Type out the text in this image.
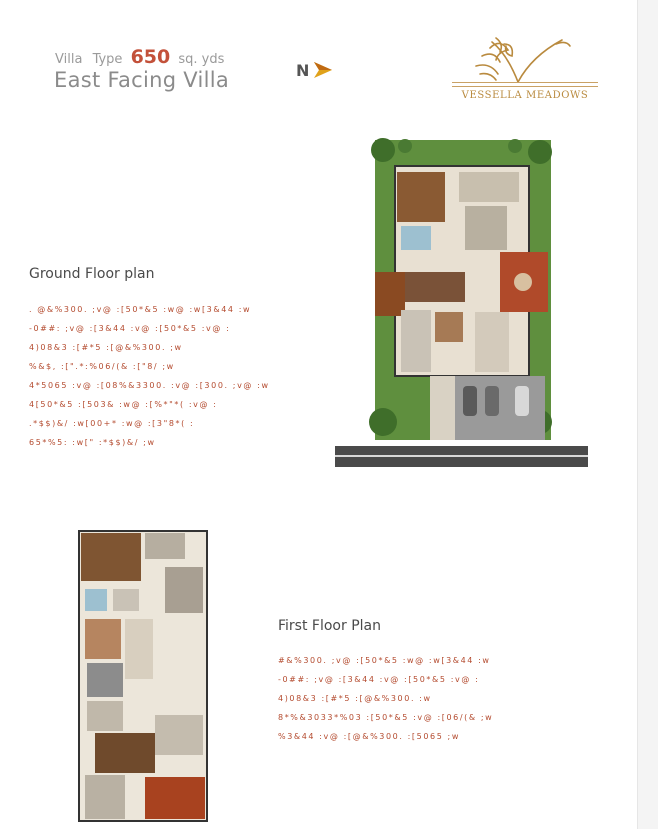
Villa Type 650 sq. yds
East Facing Villa	N
VESSELLA MEADOWS
Ground Floor plan
. @&%300. ;v@ :[50*&5 :w@ :w[3&44 :w
-0##: ;v@ :[3&44 :v@ :[50*&5 :v@ :
4)08&3 :[#*5 :[@&%300. ;w
%&$, :[".*:%06/(& :["8/ ;w
4*5065 :v@ :[08%&3300. :v@ :[300. ;v@ :w
4[50*&5 :[503& :w@ :[%*"*( :v@ :
.*$$)&/ :w[00+* :w@ :[3"8*( :
65*%5: :w[" :*$$)&/ ;w
First Floor Plan
#&%300. ;v@ :[50*&5 :w@ :w[3&44 :w
-0##: ;v@ :[3&44 :v@ :[50*&5 :v@ :
4)08&3 :[#*5 :[@&%300. :w
8*%&3033*%03 :[50*&5 :v@ :[06/(& ;w
%3&44 :v@ :[@&%300. :[5065 ;w
